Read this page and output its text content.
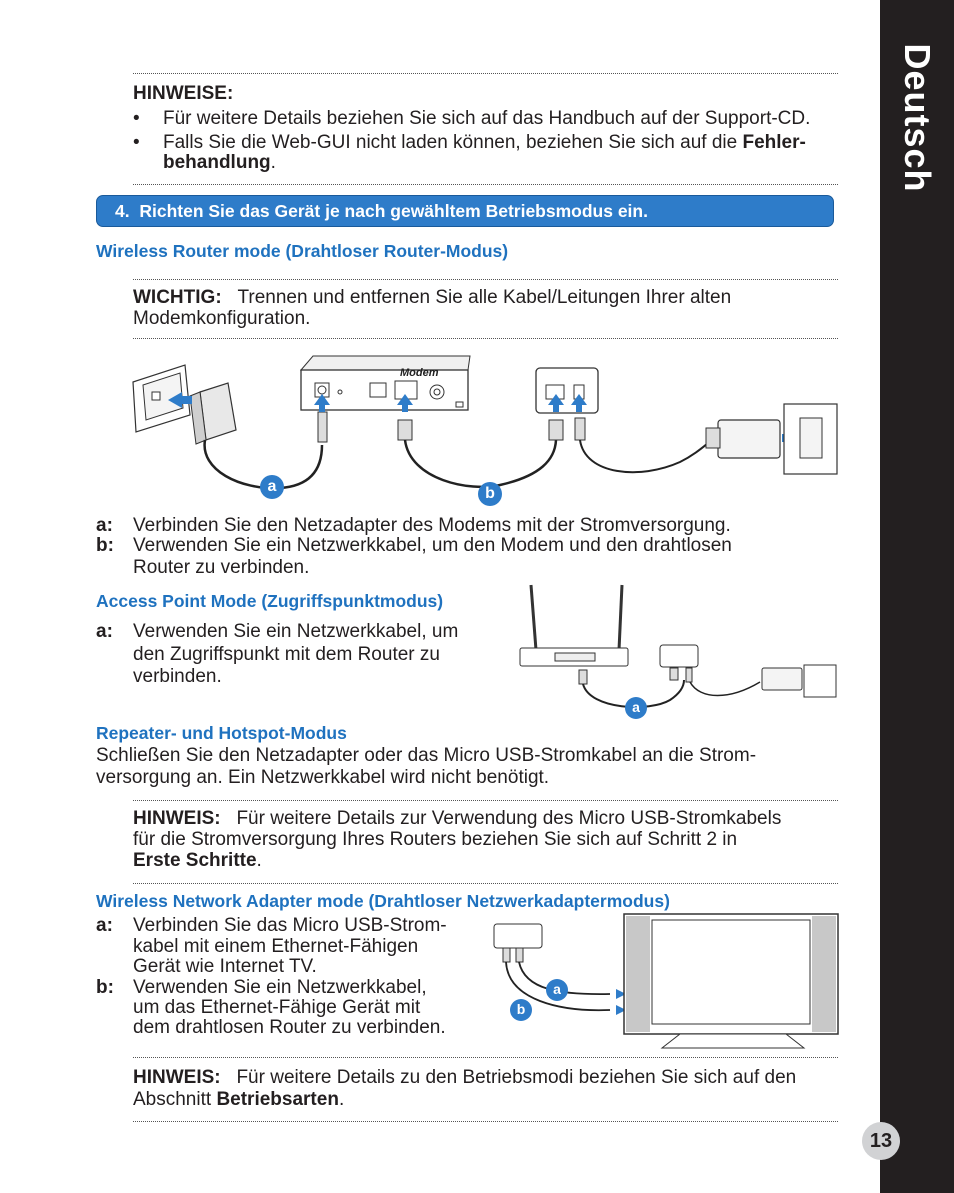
Deutsch
13
HINWEISE:
• Für weitere Details beziehen Sie sich auf das Handbuch auf der Support-CD.
• Falls Sie die Web-GUI nicht laden können, beziehen Sie sich auf die Fehler-
behandlung.
4. Richten Sie das Gerät je nach gewähltem Betriebsmodus ein.
Wireless Router mode (Drahtloser Router-Modus)
WICHTIG: Trennen und entfernen Sie alle Kabel/Leitungen Ihrer alten
Modemkonfiguration.
Modem
a	b
a: Verbinden Sie den Netzadapter des Modems mit der Stromversorgung.
b: Verwenden Sie ein Netzwerkkabel, um den Modem und den drahtlosen
Router zu verbinden.
Access Point Mode (Zugriffspunktmodus)
a: Verwenden Sie ein Netzwerkkabel, um
den Zugriffspunkt mit dem Router zu
verbinden.
a
Repeater- und Hotspot-Modus
Schließen Sie den Netzadapter oder das Micro USB-Stromkabel an die Strom-
versorgung an. Ein Netzwerkkabel wird nicht benötigt.
HINWEIS: Für weitere Details zur Verwendung des Micro USB-Stromkabels
für die Stromversorgung Ihres Routers beziehen Sie sich auf Schritt 2 in
Erste Schritte.
Wireless Network Adapter mode (Drahtloser Netzwerkadaptermodus)
a: Verbinden Sie das Micro USB-Strom-
kabel mit einem Ethernet-Fähigen
Gerät wie Internet TV.
b: Verwenden Sie ein Netzwerkkabel,
um das Ethernet-Fähige Gerät mit
dem drahtlosen Router zu verbinden.
a
b
HINWEIS: Für weitere Details zu den Betriebsmodi beziehen Sie sich auf den
Abschnitt Betriebsarten.
